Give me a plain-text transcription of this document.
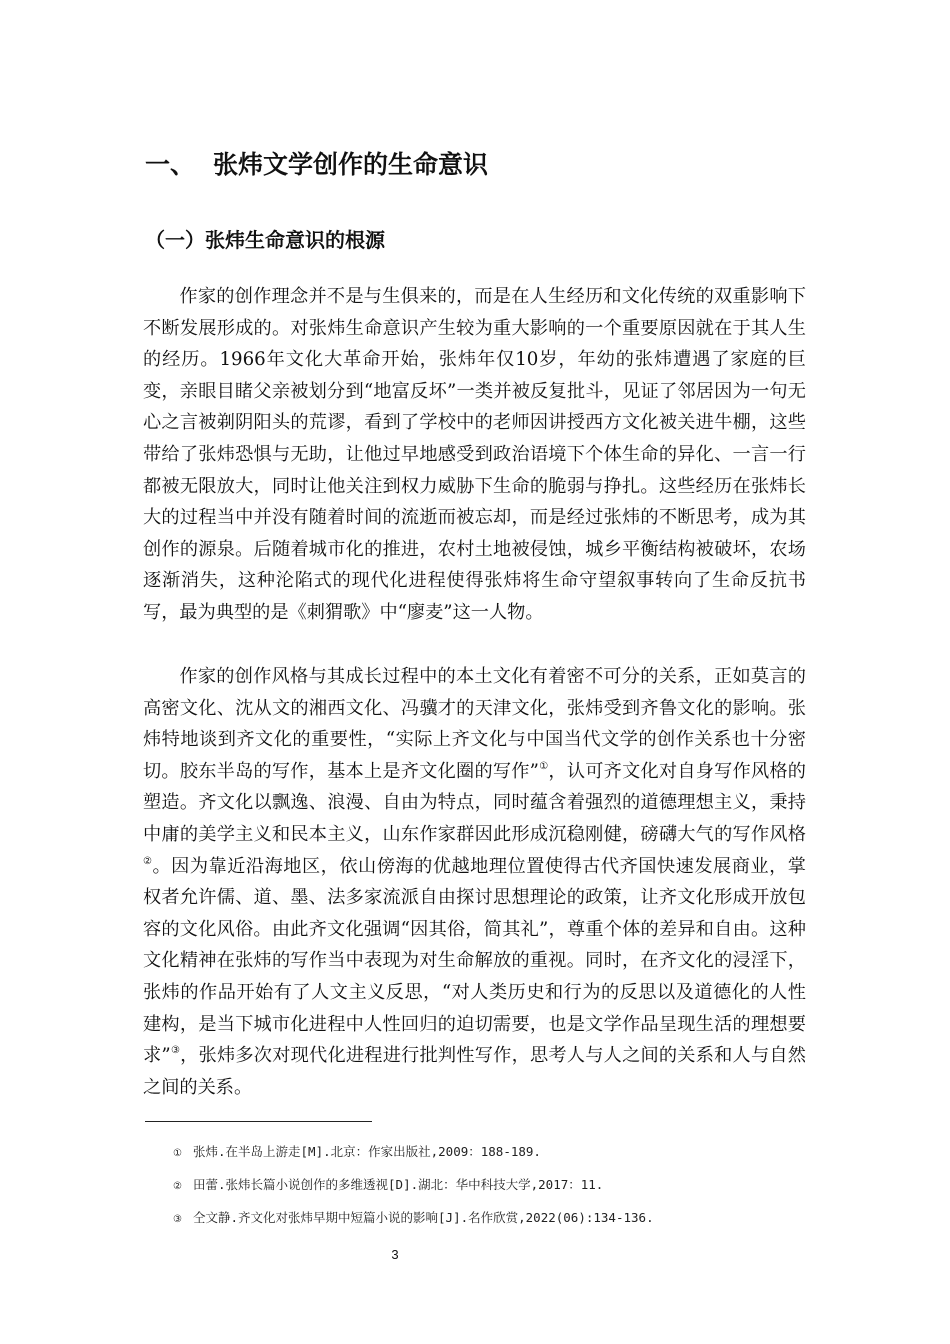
一、 张炜文学创作的生命意识
（一）张炜生命意识的根源

作家的创作理念并不是与生俱来的，而是在人生经历和文化传统的双重影响下不断发展形成的。对张炜生命意识产生较为重大影响的一个重要原因就在于其人生的经历。1966年文化大革命开始，张炜年仅10岁，年幼的张炜遭遇了家庭的巨变，亲眼目睹父亲被划分到“地富反坏”一类并被反复批斗，见证了邻居因为一句无心之言被剃阴阳头的荒谬，看到了学校中的老师因讲授西方文化被关进牛棚，这些带给了张炜恐惧与无助，让他过早地感受到政治语境下个体生命的异化、一言一行都被无限放大，同时让他关注到权力威胁下生命的脆弱与挣扎。这些经历在张炜长大的过程当中并没有随着时间的流逝而被忘却，而是经过张炜的不断思考，成为其创作的源泉。后随着城市化的推进，农村土地被侵蚀，城乡平衡结构被破坏，农场逐渐消失，这种沦陷式的现代化进程使得张炜将生命守望叙事转向了生命反抗书写，最为典型的是《刺猬歌》中“廖麦”这一人物。

作家的创作风格与其成长过程中的本土文化有着密不可分的关系，正如莫言的高密文化、沈从文的湘西文化、冯骥才的天津文化，张炜受到齐鲁文化的影响。张炜特地谈到齐文化的重要性，“实际上齐文化与中国当代文学的创作关系也十分密切。胶东半岛的写作，基本上是齐文化圈的写作”①，认可齐文化对自身写作风格的塑造。齐文化以飘逸、浪漫、自由为特点，同时蕴含着强烈的道德理想主义，秉持中庸的美学主义和民本主义，山东作家群因此形成沉稳刚健，磅礴大气的写作风格②。因为靠近沿海地区，依山傍海的优越地理位置使得古代齐国快速发展商业，掌权者允许儒、道、墨、法多家流派自由探讨思想理论的政策，让齐文化形成开放包容的文化风俗。由此齐文化强调“因其俗，简其礼”，尊重个体的差异和自由。这种文化精神在张炜的写作当中表现为对生命解放的重视。同时，在齐文化的浸淫下，张炜的作品开始有了人文主义反思，“对人类历史和行为的反思以及道德化的人性建构，是当下城市化进程中人性回归的迫切需要，也是文学作品呈现生活的理想要求”③，张炜多次对现代化进程进行批判性写作，思考人与人之间的关系和人与自然之间的关系。

① 张炜.在半岛上游走[M].北京：作家出版社,2009：188-189.
② 田蕾.张炜长篇小说创作的多维透视[D].湖北：华中科技大学,2017：11.
③ 仝文静.齐文化对张炜早期中短篇小说的影响[J].名作欣赏,2022(06):134-136.
3
